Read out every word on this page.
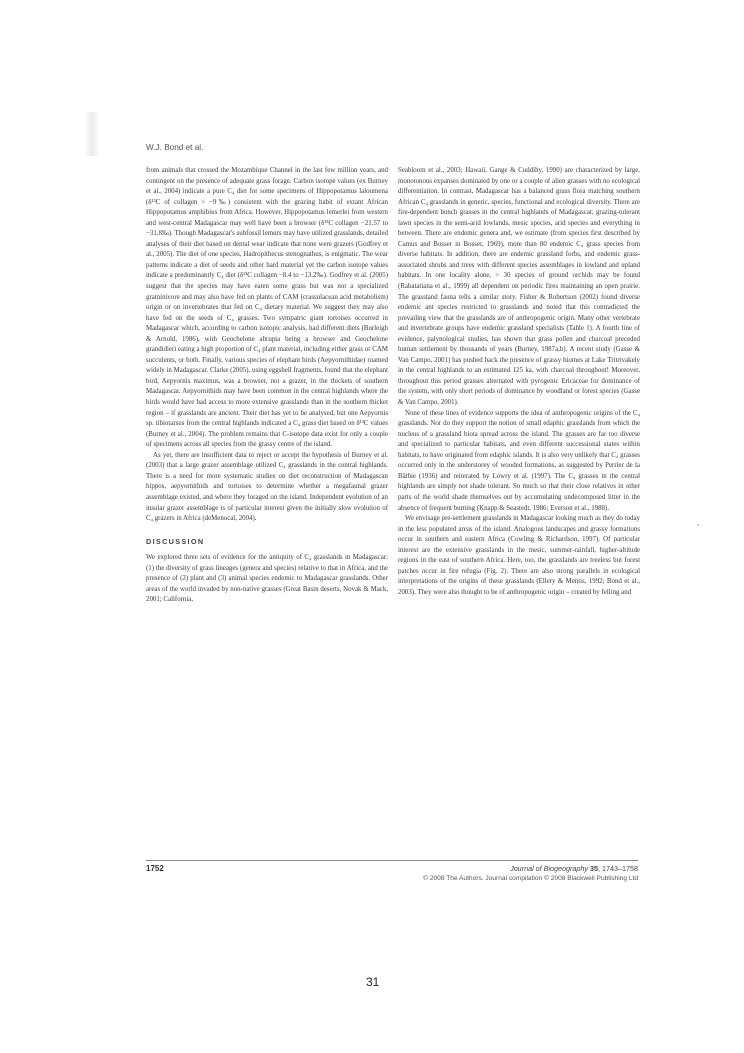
W.J. Bond et al.

from animals that crossed the Mozambique Channel in the last few million years, and contingent on the presence of adequate grass forage. Carbon isotope values (ex Burney et al., 2004) indicate a pure C₄ diet for some specimens of Hippopotamus laloumena (δ¹³C of collagen > −9‰) consistent with the grazing habit of extant African Hippopotamus amphibius from Africa. However, Hippopotamus lemerlei from western and west-central Madagascar may well have been a browser (δ¹³C collagen −21.57 to −31.8‰). Though Madagascar's subfossil lemurs may have utilized grasslands, detailed analyses of their diet based on dental wear indicate that none were grazers (Godfrey et al., 2005). The diet of one species, Hadropithecus stenognathus, is enigmatic. The wear patterns indicate a diet of seeds and other hard material yet the carbon isotope values indicate a predominantly C₄ diet (δ¹³C collagen −8.4 to −13.2‰). Godfrey et al. (2005) suggest that the species may have eaten some grass but was not a specialized graminivore and may also have fed on plants of CAM (crassulacean acid metabolism) origin or on invertebrates that fed on C₄ dietary material. We suggest they may also have fed on the seeds of C₄ grasses. Two sympatric giant tortoises occurred in Madagascar which, according to carbon isotopic analysis, had different diets (Burleigh & Arnold, 1986), with Geochelone abrupta being a browser and Geochelone grandidieri eating a high proportion of C₄ plant material, including either grass or CAM succulents, or both. Finally, various species of elephant birds (Aepyornithidae) roamed widely in Madagascar. Clarke (2005), using eggshell fragments, found that the elephant bird, Aepyornis maximus, was a browser, not a grazer, in the thickets of southern Madagascar. Aepyornithids may have been common in the central highlands where the birds would have had access to more extensive grasslands than in the southern thicket region – if grasslands are ancient. Their diet has yet to be analysed, but one Aepyornis sp. tibiotarsus from the central highlands indicated a C₄ grass diet based on δ¹³C values (Burney et al., 2004). The problem remains that C-isotope data exist for only a couple of specimens across all species from the grassy centre of the island.

As yet, there are insufficient data to reject or accept the hypothesis of Burney et al. (2003) that a large grazer assemblage utilized C₄ grasslands in the central highlands. There is a need for more systematic studies on diet reconstruction of Madagascan hippos, aepyornithids and tortoises to determine whether a megafaunal grazer assemblage existed, and where they foraged on the island. Independent evolution of an insular grazer assemblage is of particular interest given the initially slow evolution of C₄ grazers in Africa (deMenocal, 2004).

DISCUSSION

We explored three sets of evidence for the antiquity of C₄ grasslands in Madagascar: (1) the diversity of grass lineages (genera and species) relative to that in Africa, and the presence of (2) plant and (3) animal species endemic to Madagascar grasslands. Other areas of the world invaded by non-native grasses (Great Basin deserts, Novak & Mack, 2001; California,

Seabloom et al., 2003; Hawaii, Gange & Cuddihy, 1990) are characterized by large, monotonous expanses dominated by one or a couple of alien grasses with no ecological differentiation. In contrast, Madagascar has a balanced grass flora matching southern African C₄ grasslands in generic, species, functional and ecological diversity. There are fire-dependent bunch grasses in the central highlands of Madagascar, grazing-tolerant lawn species in the semi-arid lowlands, mesic species, arid species and everything in between. There are endemic genera and, we estimate (from species first described by Camus and Bosser in Bosser, 1969), more than 80 endemic C₄ grass species from diverse habitats. In addition, there are endemic grassland forbs, and endemic grass-associated shrubs and trees with different species assemblages in lowland and upland habitats. In one locality alone, > 30 species of ground orchids may be found (Rabatatiana et al., 1999) all dependent on periodic fires maintaining an open prairie. The grassland fauna tells a similar story. Fisher & Robertson (2002) found diverse endemic ant species restricted to grasslands and noted that this contradicted the prevailing view that the grasslands are of anthropogenic origin. Many other vertebrate and invertebrate groups have endemic grassland specialists (Table 1). A fourth line of evidence, palynological studies, has shown that grass pollen and charcoal preceded human settlement by thousands of years (Burney, 1987a,b). A recent study (Gasse & Van Campo, 2001) has pushed back the presence of grassy biomes at Lake Tritrivakely in the central highlands to an estimated 125 ka, with charcoal throughout! Moreover, throughout this period grasses alternated with pyrogenic Ericaceae for dominance of the system, with only short periods of dominance by woodland or forest species (Gasse & Van Campo, 2001).

None of these lines of evidence supports the idea of anthropogenic origins of the C₄ grasslands. Nor do they support the notion of small edaphic grasslands from which the nucleus of a grassland biota spread across the island. The grasses are far too diverse and specialized to particular habitats, and even different successional states within habitats, to have originated from edaphic islands. It is also very unlikely that C₄ grasses occurred only in the understorey of wooded formations, as suggested by Perrier de la Bâthie (1936) and reiterated by Lowry et al. (1997). The C₄ grasses in the central highlands are simply not shade tolerant. So much so that their close relatives in other parts of the world shade themselves out by accumulating undecomposed litter in the absence of frequent burning (Knapp & Seastedt, 1986; Everson et al., 1988).

We envisage pre-settlement grasslands in Madagascar looking much as they do today in the less populated areas of the island. Analogous landscapes and grassy formations occur in southern and eastern Africa (Cowling & Richardson, 1997). Of particular interest are the extensive grasslands in the mesic, summer-rainfall, higher-altitude regions in the east of southern Africa. Here, too, the grasslands are treeless but forest patches occur in fire refugia (Fig. 2). There are also strong parallels in ecological interpretations of the origins of these grasslands (Ellery & Mentis, 1992; Bond et al., 2003). They were also thought to be of anthropogenic origin – created by felling and

1752	Journal of Biogeography 35, 1743–1758
© 2008 The Authors. Journal compilation © 2008 Blackwell Publishing Ltd
31
